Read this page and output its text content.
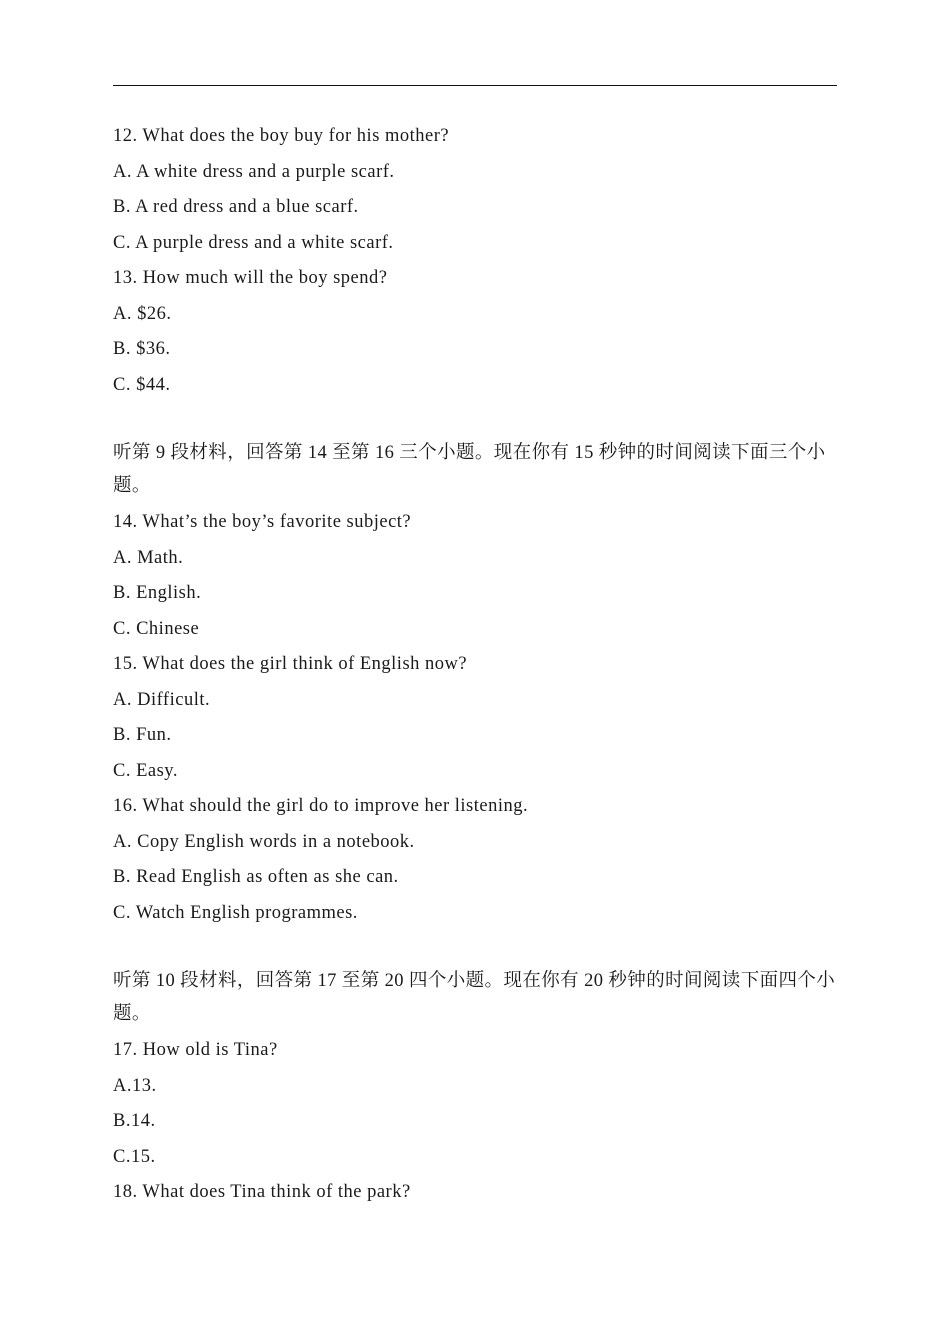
12. What does the boy buy for his mother?
A. A white dress and a purple scarf.
B. A red dress and a blue scarf.
C. A purple dress and a white scarf.
13. How much will the boy spend?
A. $26.
B. $36.
C. $44.
听第 9 段材料，回答第 14 至第 16 三个小题。现在你有 15 秒钟的时间阅读下面三个小题。
14. What’s the boy’s favorite subject?
A. Math.
B. English.
C. Chinese
15. What does the girl think of English now?
A. Difficult.
B. Fun.
C. Easy.
16. What should the girl do to improve her listening.
A. Copy English words in a notebook.
B. Read English as often as she can.
C. Watch English programmes.
听第 10 段材料，回答第 17 至第 20 四个小题。现在你有 20 秒钟的时间阅读下面四个小题。
17. How old is Tina?
A.13.
B.14.
C.15.
18. What does Tina think of the park?
